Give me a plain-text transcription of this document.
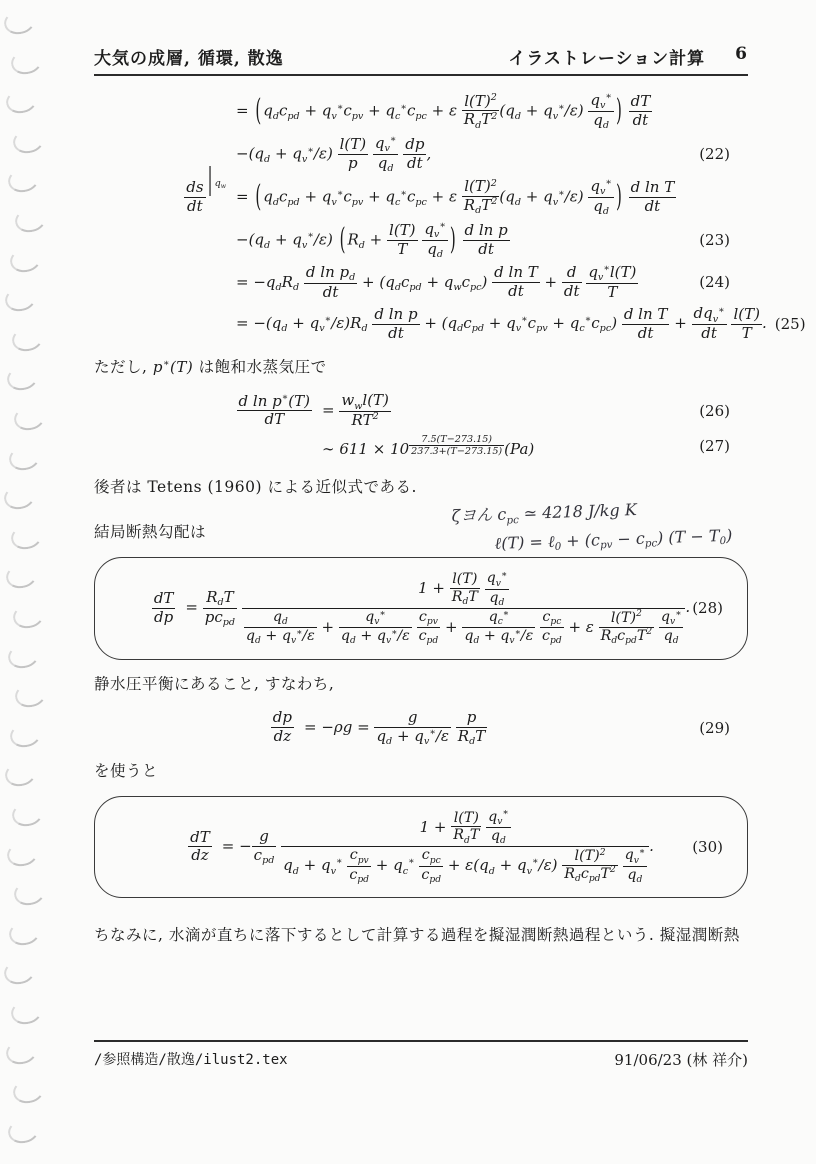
大気の成層, 循環, 散逸	イラストレーション計算 6
= ( qdcpd + qv∗cpv + qc∗cpc + ε
l(T)2
RdT2 (qd + qv∗/ε) $\frac{qv∗}{qd}$ ) $\frac{dT}{dt}$
−(qd + qv∗/ε) $\frac{l(T)}{p}$
$\frac{qv∗}{qd}$
$\frac{dp}{dt}$ ,	(22)
ds
dt
| qw
= ( qdcpd + qv∗cpv + qc∗cpc + ε
l(T)2
RdT2 (qd + qv∗/ε) $\frac{qv∗}{qd}$ ) $\frac{\text{d ln T}}{dt}$
−(qd + qv∗/ε) ( $Rd + \frac{l(T)}{T}$
$\frac{qv∗}{qd}$ ) $\frac{\text{d ln p}}{dt}$	(23)
= −qdRd $\frac{\text{d ln pd}}{dt}$ + (qdcpd + qwcpc) $\frac{\text{d ln T}}{dt} + \frac{d}{dt}$
$\frac{qv∗l(T)}{T}$	(24)
= −(qd + qv∗/ε)Rd $\frac{\text{d ln p}}{dt}$ + (qdcpd + qv∗cpv + qc∗cpc) $\frac{\text{d ln T}}{dt}$ +
dqv∗
dt
$\frac{l(T)}{T}$ . (25)

ただし, p∗(T) は飽和水蒸気圧で

d ln p∗(T)
dT
=
wwl(T)
RT2	(26)
∼ $611 \times 10 \frac{7.5(T-273.15)}{237.3+(T-273.15)} (Pa)$	(27)

後者は Tetens (1960) による近似式である.

結局断熱勾配は

dT
dp
=
RdT
pcpd

1 +
l(T)
RdT
$\frac{qv∗}{qd}$
$\frac{qd}{qd + qv∗/\varepsilon} + \frac{qv∗}{qd + qv∗/\varepsilon}$
cpv
cpd
+ $\frac{qc∗}{qd + qv∗/\varepsilon}$
cpc
cpd
+ ε
l(T)2
RdcpdT2
$\frac{qv∗}{qd}$
. (28)

静水圧平衡にあること, すなわち,

dp
dz
= $-\rho g = \frac{g}{qd + qv∗/\varepsilon}$
	p
RdT	(29)

を使うと

dT
dz
= −
g
cpd

1 +
l(T)
RdT
$\frac{qv∗}{qd}$
qd + qv∗ cpv
cpd
+ qc∗ cpc
cpd
+ ε(qd + qv∗/ε)
l(T)2
RdcpdT2
$\frac{qv∗}{qd}$
.	(30)

ちなみに, 水滴が直ちに落下するとして計算する過程を擬湿潤断熱過程という. 擬湿潤断熱

ζヨん cpc ≃ 4218 J/kg K
ℓ(T) = ℓ0 + (cpv − cpc) (T − T0)
/参照構造/散逸/ilust2.tex	91/06/23 (林 祥介)
